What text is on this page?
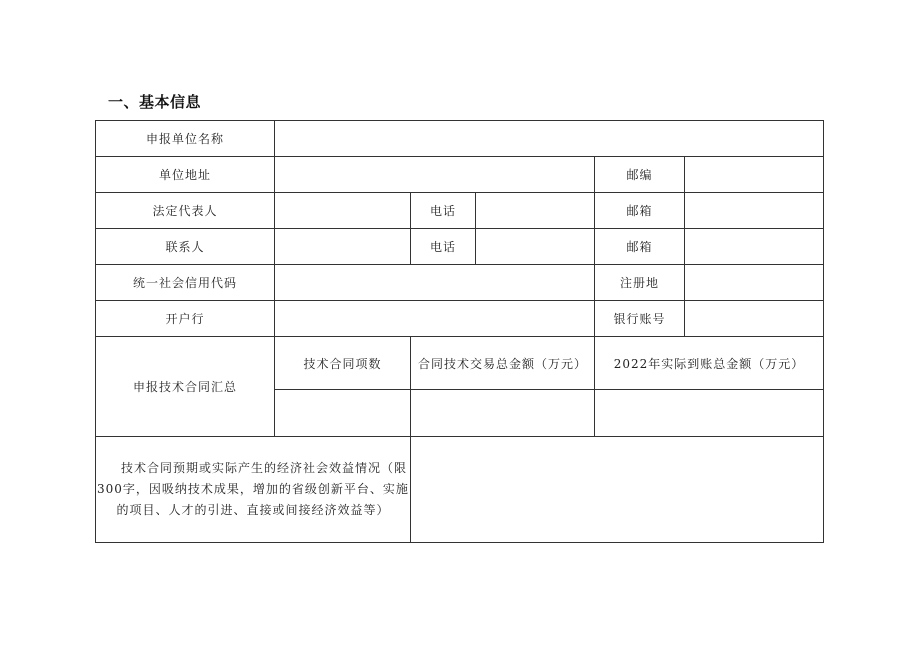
一、基本信息
申报单位名称					
单位地址				邮编	
法定代表人		电话		邮箱	
联系人		电话		邮箱	
统一社会信用代码				注册地	
开户行				银行账号	
申报技术合同汇总	技术合同项数	合同技术交易总金额（万元）		2022年实际到账总金额（万元）	

技术合同预期或实际产生的经济社会效益情况（限300字，因吸纳技术成果，增加的省级创新平台、实施的项目、人才的引进、直接或间接经济效益等）					
